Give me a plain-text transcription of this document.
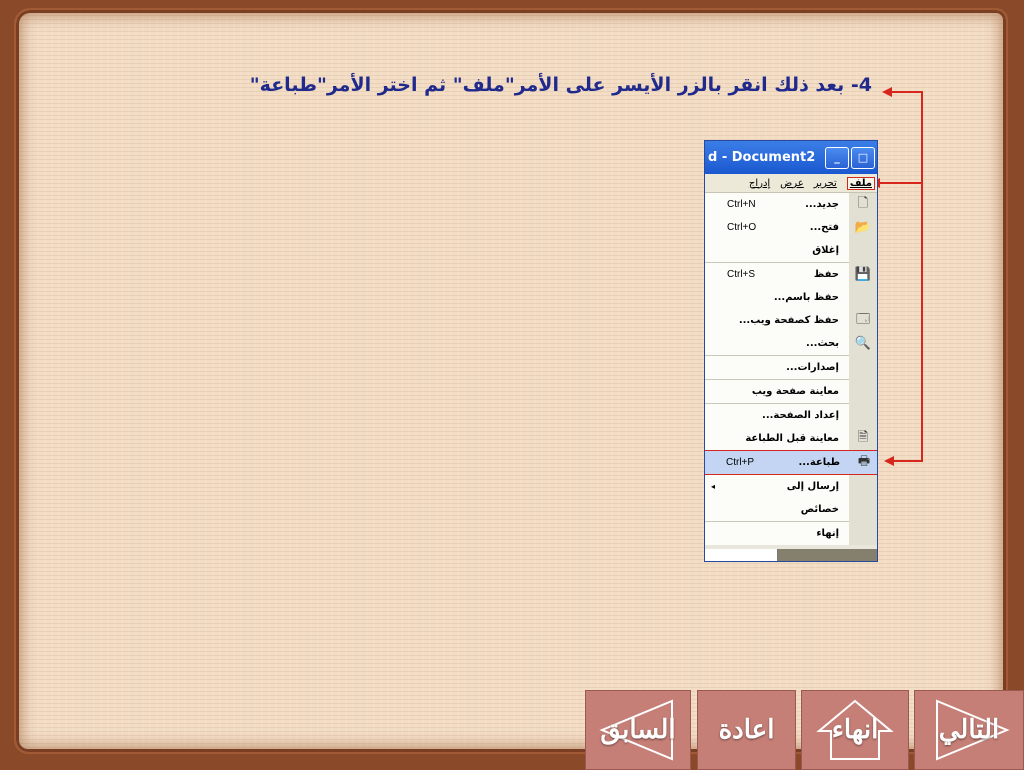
4- بعد ذلك انقر بالزر الأيسر على الأمر"ملف" ثم اختر الأمر"طباعة"
d - Document2	_	□
ملف
تحرير
عرض
إدراج
🗋
جديد...
Ctrl+N
📂
فتح...
Ctrl+O
إغلاق
💾
حفظ
Ctrl+S
حفظ باسم...
🗔
حفظ كصفحة ويب...
🔍
بحث...
إصدارات...
معاينة صفحة ويب
إعداد الصفحة...
🗎
معاينة قبل الطباعة
🖶
طباعة...
Ctrl+P
إرسال إلى
◂
خصائص
إنهاء
السابق اعادة انهاء التالي
